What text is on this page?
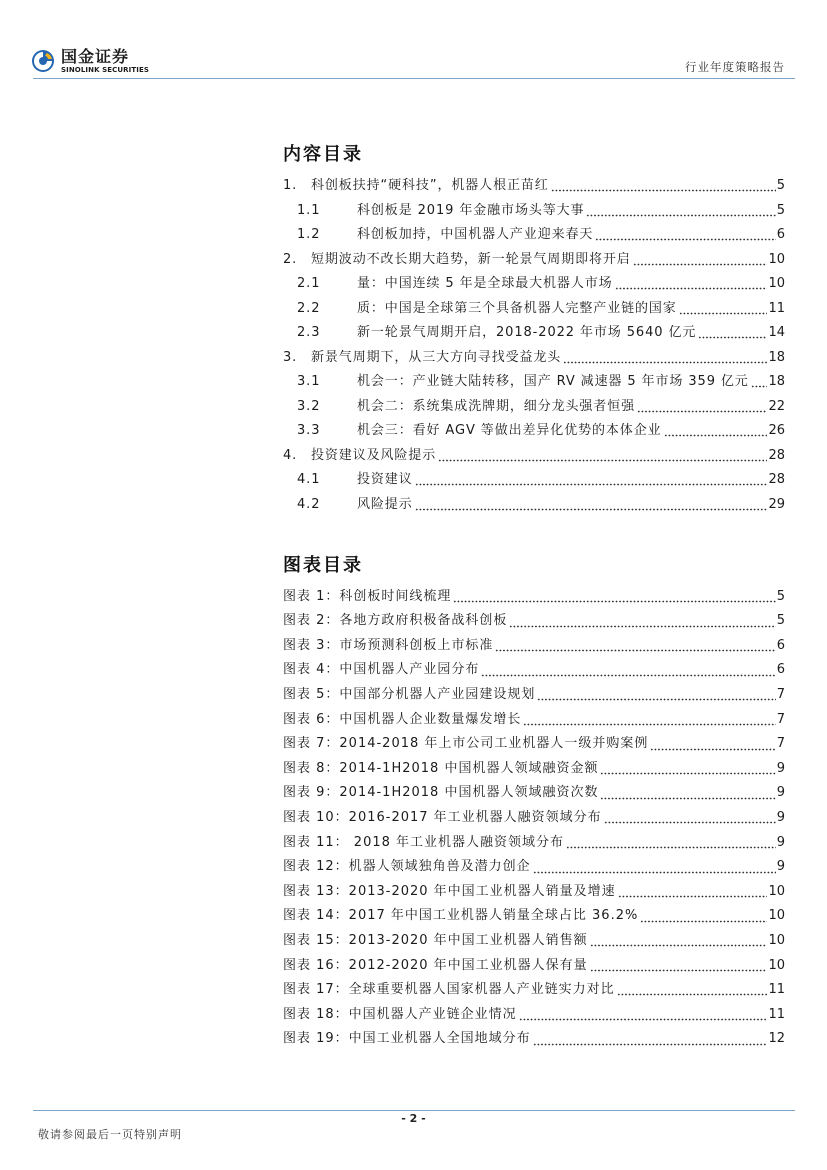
国金证券
SINOLINK SECURITIES	行业年度策略报告
内容目录
1.	科创板扶持“硬科技”，机器人根正苗红	5
1.1	科创板是 2019 年金融市场头等大事	5
1.2	科创板加持，中国机器人产业迎来春天	6
2.	短期波动不改长期大趋势，新一轮景气周期即将开启	10
2.1	量：中国连续 5 年是全球最大机器人市场	10
2.2	质：中国是全球第三个具备机器人完整产业链的国家	11
2.3	新一轮景气周期开启，2018-2022 年市场 5640 亿元	14
3.	新景气周期下，从三大方向寻找受益龙头	18
3.1	机会一：产业链大陆转移，国产 RV 减速器 5 年市场 359 亿元 18
3.2	机会二：系统集成洗牌期，细分龙头强者恒强	22
3.3	机会三：看好 AGV 等做出差异化优势的本体企业	26
4.	投资建议及风险提示	28
4.1	投资建议	28
4.2	风险提示	29
图表目录
图表 1：科创板时间线梳理	5
图表 2：各地方政府积极备战科创板	5
图表 3：市场预测科创板上市标准	6
图表 4：中国机器人产业园分布	6
图表 5：中国部分机器人产业园建设规划	7
图表 6：中国机器人企业数量爆发增长	7
图表 7：2014-2018 年上市公司工业机器人一级并购案例	7
图表 8：2014-1H2018 中国机器人领域融资金额	9
图表 9：2014-1H2018 中国机器人领域融资次数	9
图表 10：2016-2017 年工业机器人融资领域分布	9
图表 11： 2018 年工业机器人融资领域分布	9
图表 12：机器人领域独角兽及潜力创企	9
图表 13：2013-2020 年中国工业机器人销量及增速	10
图表 14：2017 年中国工业机器人销量全球占比 36.2%	10
图表 15：2013-2020 年中国工业机器人销售额	10
图表 16：2012-2020 年中国工业机器人保有量	10
图表 17：全球重要机器人国家机器人产业链实力对比	11
图表 18：中国机器人产业链企业情况	11
图表 19：中国工业机器人全国地域分布	12
- 2 -
敬请参阅最后一页特别声明
